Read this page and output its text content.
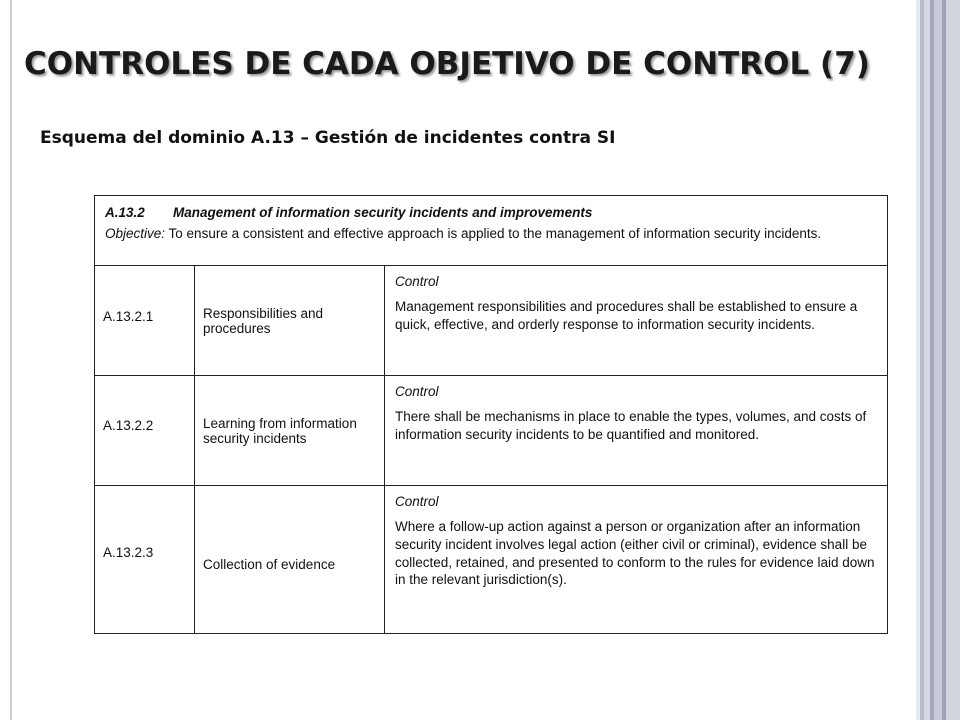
CONTROLES DE CADA OBJETIVO DE CONTROL (7)

Esquema del dominio A.13 – Gestión de incidentes contra SI

A.13.2 Management of information security incidents and improvements
Objective: To ensure a consistent and effective approach is applied to the management of information security incidents.		

A.13.2.1	Responsibilities and procedures	Control
Management responsibilities and procedures shall be established to ensure a quick, effective, and orderly response to information security incidents.

A.13.2.2	Learning from information security incidents	Control
There shall be mechanisms in place to enable the types, volumes, and costs of information security incidents to be quantified and monitored.

A.13.2.3	Collection of evidence	Control
Where a follow-up action against a person or organization after an information security incident involves legal action (either civil or criminal), evidence shall be collected, retained, and presented to conform to the rules for evidence laid down in the relevant jurisdiction(s).
